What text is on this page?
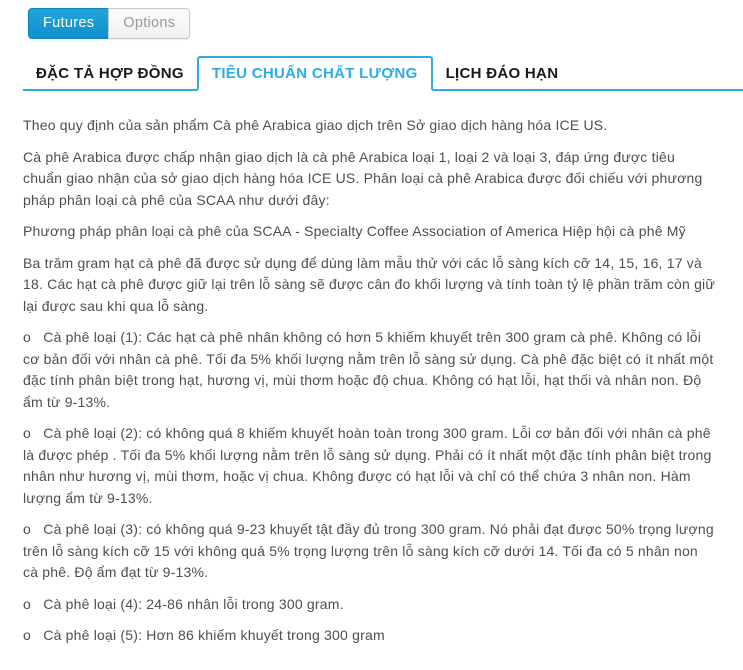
Futures	Options
ĐẶC TẢ HỢP ĐỒNG	TIÊU CHUẨN CHẤT LƯỢNG	LỊCH ĐÁO HẠN

Theo quy định của sản phẩm Cà phê Arabica giao dịch trên Sở giao dịch hàng hóa ICE US.

Cà phê Arabica được chấp nhận giao dịch là cà phê Arabica loại 1, loại 2 và loại 3, đáp ứng được tiêu chuẩn giao nhận của sở giao dịch hàng hóa ICE US. Phân loại cà phê Arabica được đối chiếu với phương pháp phân loại cà phê của SCAA như dưới đây:

Phương pháp phân loại cà phê của SCAA - Specialty Coffee Association of America Hiệp hội cà phê Mỹ

Ba trăm gram hạt cà phê đã được sử dụng để dùng làm mẫu thử với các lỗ sàng kích cỡ 14, 15, 16, 17 và 18. Các hạt cà phê được giữ lại trên lỗ sàng sẽ được cân đo khối lượng và tính toàn tỷ lệ phần trăm còn giữ lại được sau khi qua lỗ sàng.

o   Cà phê loại (1): Các hạt cà phê nhân không có hơn 5 khiếm khuyết trên 300 gram cà phê. Không có lỗi cơ bản đối với nhân cà phê. Tối đa 5% khối lượng nằm trên lỗ sàng sử dụng. Cà phê đặc biệt có ít nhất một đặc tính phân biệt trong hạt, hương vị, mùi thơm hoặc độ chua. Không có hạt lỗi, hạt thối và nhân non. Độ ẩm từ 9-13%.

o   Cà phê loại (2): có không quá 8 khiếm khuyết hoàn toàn trong 300 gram. Lỗi cơ bản đối với nhân cà phê là được phép . Tối đa 5% khối lượng nằm trên lỗ sàng sử dụng. Phải có ít nhất một đặc tính phân biệt trong nhân như hương vị, mùi thơm, hoặc vị chua. Không được có hạt lỗi và chỉ có thể chứa 3 nhân non. Hàm lượng ẩm từ 9-13%.

o   Cà phê loại (3): có không quá 9-23 khuyết tật đầy đủ trong 300 gram. Nó phải đạt được 50% trọng lượng trên lỗ sàng kích cỡ 15 với không quá 5% trọng lượng trên lỗ sàng kích cỡ dưới 14. Tối đa có 5 nhân non cà phê. Độ ẩm đạt từ 9-13%.

o   Cà phê loại (4): 24-86 nhân lỗi trong 300 gram.

o   Cà phê loại (5): Hơn 86 khiếm khuyết trong 300 gram
